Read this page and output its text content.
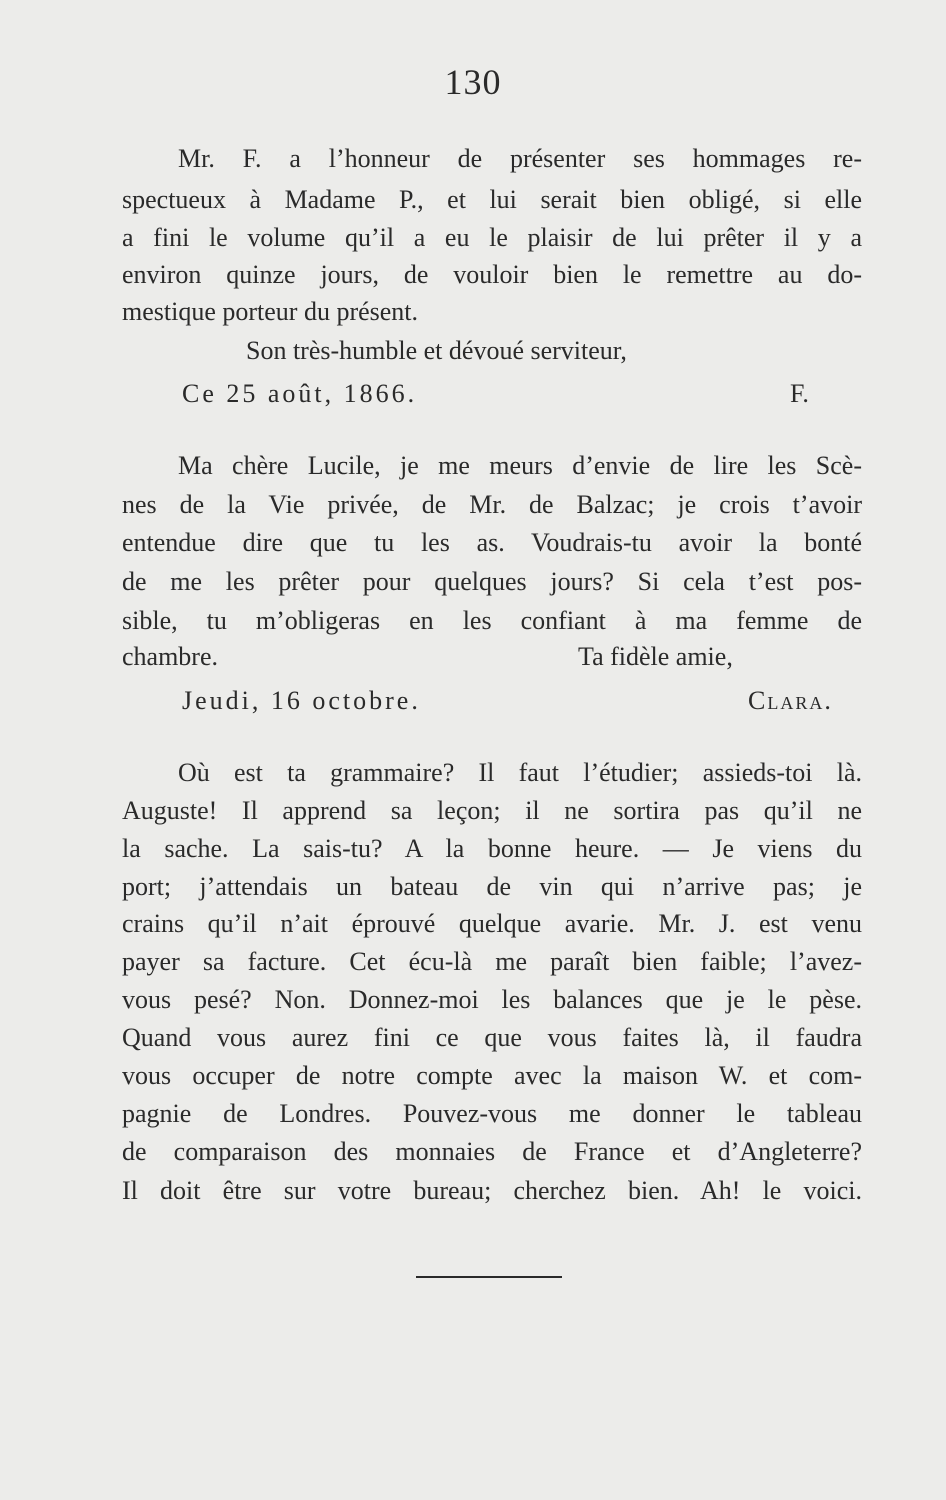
130
Mr. F. a l’honneur de présenter ses hommages re-
spectueux à Madame P., et lui serait bien obligé, si elle
a fini le volume qu’il a eu le plaisir de lui prêter il y a
environ quinze jours, de vouloir bien le remettre au do-
mestique porteur du présent.
Son très-humble et dévoué serviteur,
Ce 25 août, 1866.	F.
Ma chère Lucile, je me meurs d’envie de lire les Scè-
nes de la Vie privée, de Mr. de Balzac; je crois t’avoir
entendue dire que tu les as. Voudrais-tu avoir la bonté
de me les prêter pour quelques jours? Si cela t’est pos-
sible, tu m’obligeras en les confiant à ma femme de
chambre.	Ta fidèle amie,
Jeudi, 16 octobre.	Clara.
Où est ta grammaire? Il faut l’étudier; assieds-toi là.
Auguste! Il apprend sa leçon; il ne sortira pas qu’il ne
la sache. La sais-tu? A la bonne heure. — Je viens du
port; j’attendais un bateau de vin qui n’arrive pas; je
crains qu’il n’ait éprouvé quelque avarie. Mr. J. est venu
payer sa facture. Cet écu-là me paraît bien faible; l’avez-
vous pesé? Non. Donnez-moi les balances que je le pèse.
Quand vous aurez fini ce que vous faites là, il faudra
vous occuper de notre compte avec la maison W. et com-
pagnie de Londres. Pouvez-vous me donner le tableau
de comparaison des monnaies de France et d’Angleterre?
Il doit être sur votre bureau; cherchez bien. Ah! le voici.
